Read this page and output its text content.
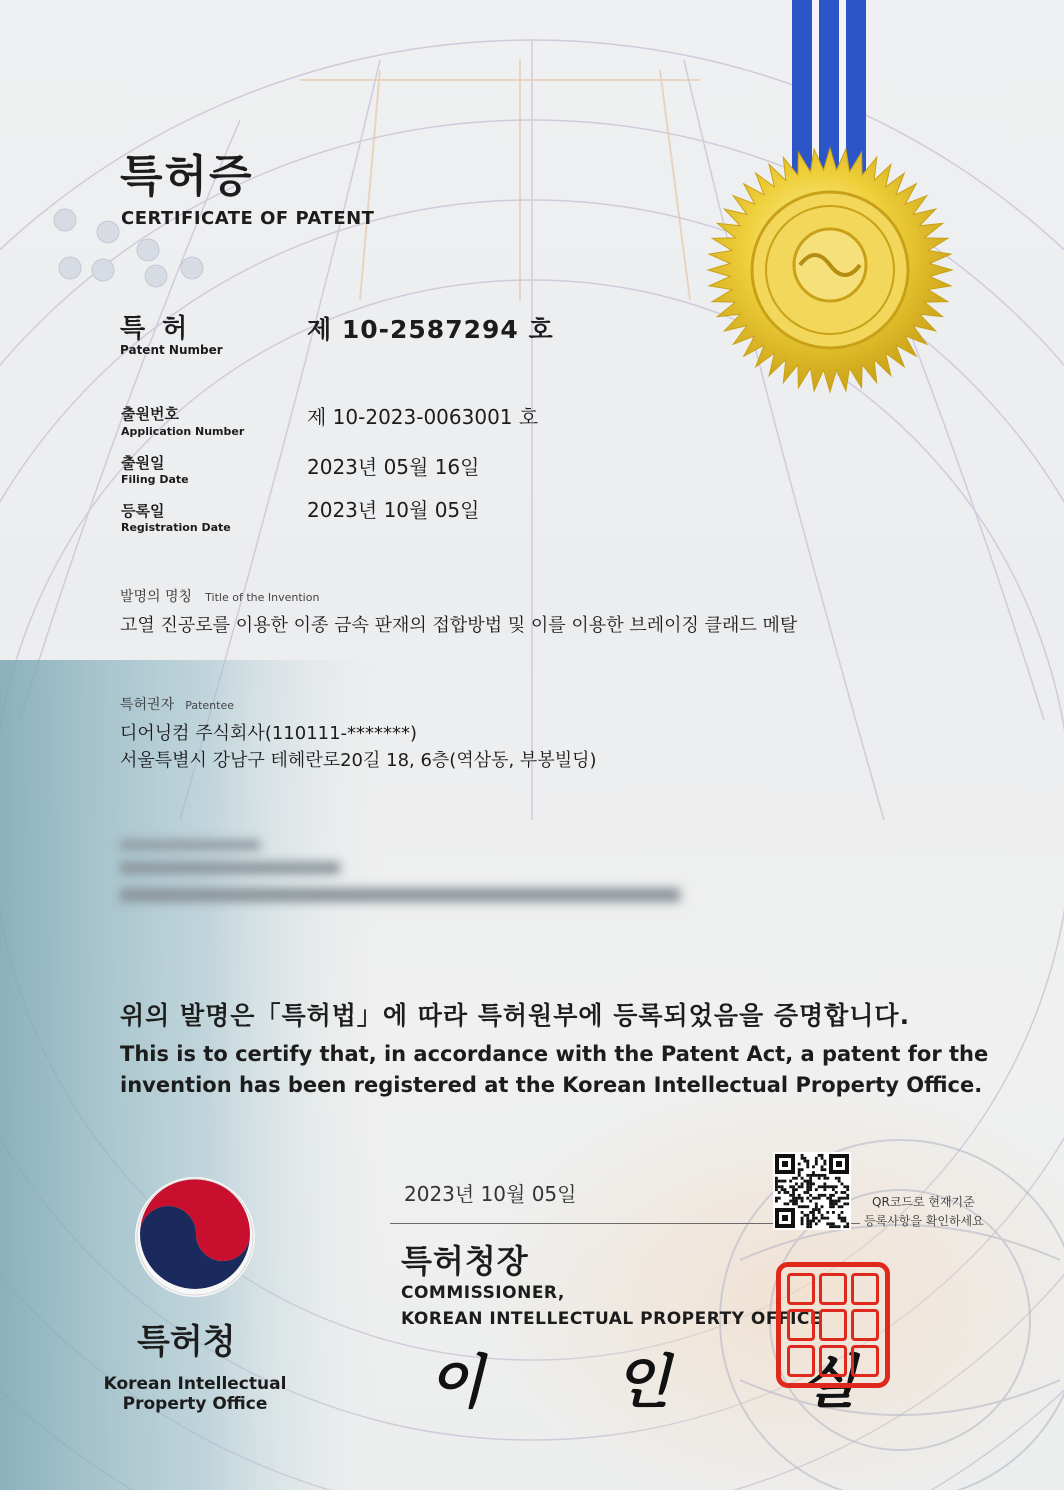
특허증
CERTIFICATE OF PATENT
특 허
Patent Number
제 10-2587294 호
출원번호
Application Number
제 10-2023-0063001 호
출원일
Filing Date
2023년 05월 16일
등록일
Registration Date
2023년 10월 05일
발명의 명칭 Title of the Invention
고열 진공로를 이용한 이종 금속 판재의 접합방법 및 이를 이용한 브레이징 클래드 메탈
특허권자 Patentee
디어닝컴 주식회사(110111-*******)
서울특별시 강남구 테헤란로20길 18, 6층(역삼동, 부봉빌딩)
위의 발명은「특허법」에 따라 특허원부에 등록되었음을 증명합니다.
This is to certify that, in accordance with the Patent Act, a patent for the
invention has been registered at the Korean Intellectual Property Office.
2023년 10월 05일	QR코드로 현재기준
등록사항을 확인하세요
특허청장
COMMISSIONER,
KOREAN INTELLECTUAL PROPERTY OFFICE
이 인 실
특허청
Korean Intellectual
Property Office
